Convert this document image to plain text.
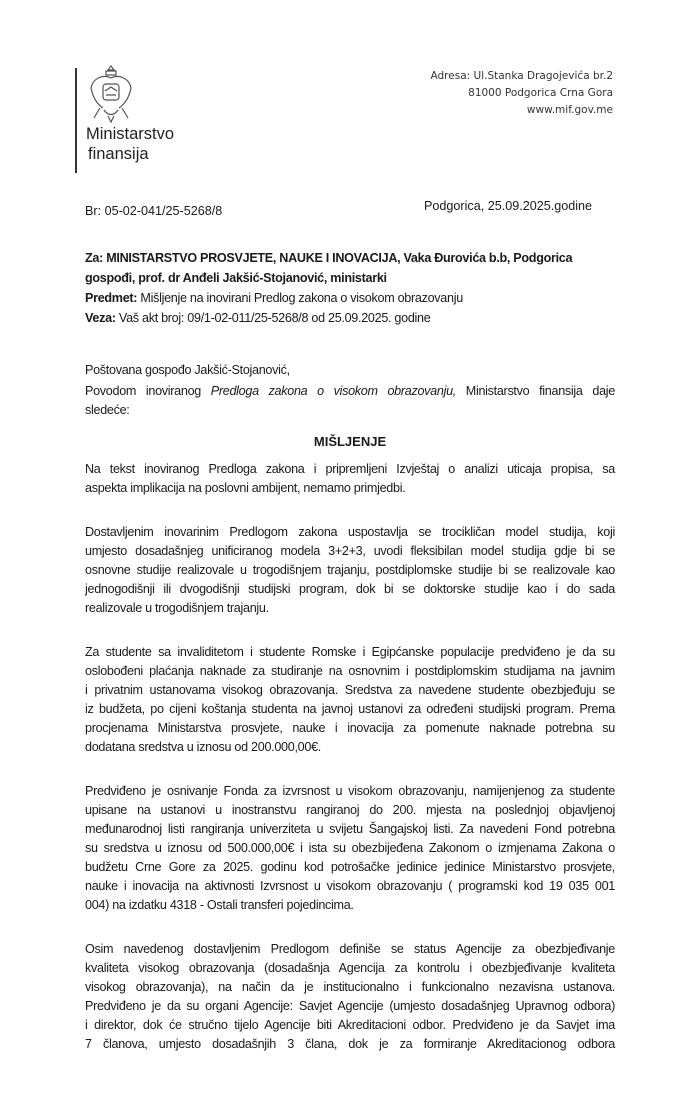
Ministarstvo
finansija
Adresa: Ul.Stanka Dragojevića br.2
81000 Podgorica Crna Gora
www.mif.gov.me
Br: 05-02-041/25-5268/8	Podgorica, 25.09.2025.godine
Za: MINISTARSTVO PROSVJETE, NAUKE I INOVACIJA, Vaka Đurovića b.b, Podgorica
gospođi, prof. dr Anđeli Jakšić-Stojanović, ministarki
Predmet: Mišljenje na inovirani Predlog zakona o visokom obrazovanju
Veza: Vaš akt broj: 09/1-02-011/25-5268/8 od 25.09.2025. godine
Poštovana gospođo Jakšić-Stojanović,
Povodom inoviranog Predloga zakona o visokom obrazovanju, Ministarstvo finansija daje
sledeće:
MIŠLJENJE
Na tekst inoviranog Predloga zakona i pripremljeni Izvještaj o analizi uticaja propisa, sa
aspekta implikacija na poslovni ambijent, nemamo primjedbi.
Dostavljenim inovarinim Predlogom zakona uspostavlja se trocikličan model studija, koji
umjesto dosadašnjeg unificiranog modela 3+2+3, uvodi fleksibilan model studija gdje bi se
osnovne studije realizovale u trogodišnjem trajanju, postdiplomske studije bi se realizovale kao
jednogodišnji ili dvogodišnji studijski program, dok bi se doktorske studije kao i do sada
realizovale u trogodišnjem trajanju.
Za studente sa invaliditetom i studente Romske i Egipćanske populacije predviđeno je da su
oslobođeni plaćanja naknade za studiranje na osnovnim i postdiplomskim studijama na javnim
i privatnim ustanovama visokog obrazovanja. Sredstva za navedene studente obezbjeđuju se
iz budžeta, po cijeni koštanja studenta na javnoj ustanovi za određeni studijski program. Prema
procjenama Ministarstva prosvjete, nauke i inovacija za pomenute naknade potrebna su
dodatana sredstva u iznosu od 200.000,00€.
Predviđeno je osnivanje Fonda za izvrsnost u visokom obrazovanju, namijenjenog za studente
upisane na ustanovi u inostranstvu rangiranoj do 200. mjesta na poslednjoj objavljenoj
međunarodnoj listi rangiranja univerziteta u svijetu Šangajskoj listi. Za navedeni Fond potrebna
su sredstva u iznosu od 500.000,00€ i ista su obezbijeđena Zakonom o izmjenama Zakona o
budžetu Crne Gore za 2025. godinu kod potrošačke jedinice jedinice Ministarstvo prosvjete,
nauke i inovacija na aktivnosti Izvrsnost u visokom obrazovanju ( programski kod 19 035 001
004) na izdatku 4318 - Ostali transferi pojedincima.
Osim navedenog dostavljenim Predlogom definiše se status Agencije za obezbjeđivanje
kvaliteta visokog obrazovanja (dosadašnja Agencija za kontrolu i obezbjeđivanje kvaliteta
visokog obrazovanja), na način da je institucionalno i funkcionalno nezavisna ustanova.
Predviđeno je da su organi Agencije: Savjet Agencije (umjesto dosadašnjeg Upravnog odbora)
i direktor, dok će stručno tijelo Agencije biti Akreditacioni odbor. Predviđeno je da Savjet ima
7 članova, umjesto dosadašnjih 3 člana, dok je za formiranje Akreditacionog odbora
